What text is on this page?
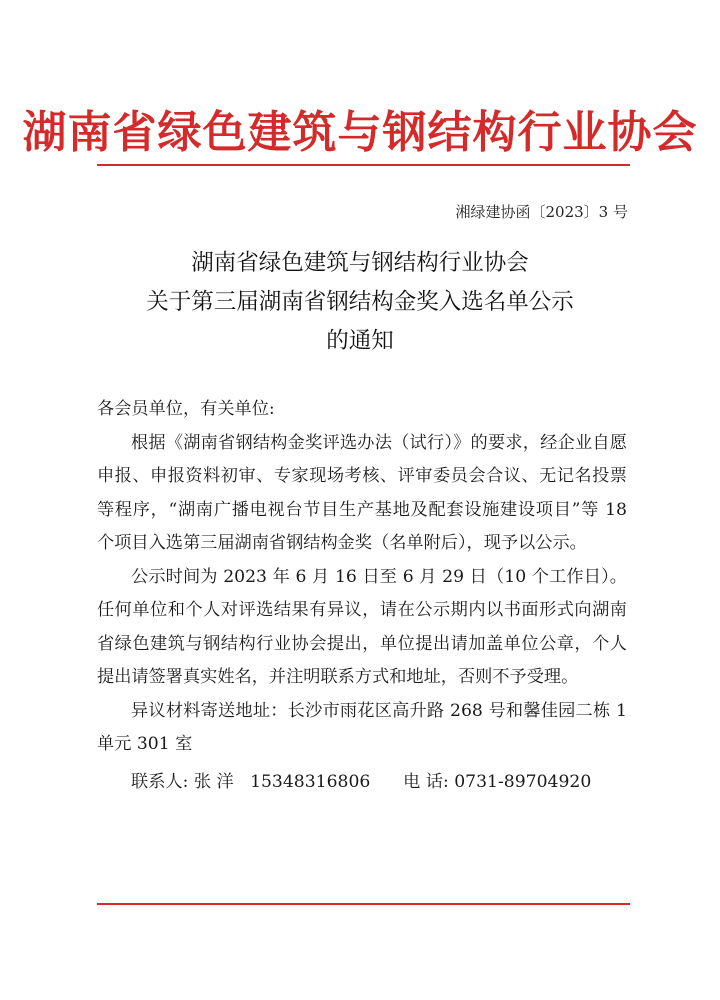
湖南省绿色建筑与钢结构行业协会
湘绿建协函〔2023〕3 号
湖南省绿色建筑与钢结构行业协会
关于第三届湖南省钢结构金奖入选名单公示
的通知

各会员单位，有关单位:

根据《湖南省钢结构金奖评选办法（试行）》的要求，经企业自愿申报、申报资料初审、专家现场考核、评审委员会合议、无记名投票等程序，“湖南广播电视台节目生产基地及配套设施建设项目”等 18 个项目入选第三届湖南省钢结构金奖（名单附后），现予以公示。

公示时间为 2023 年 6 月 16 日至 6 月 29 日（10 个工作日）。任何单位和个人对评选结果有异议，请在公示期内以书面形式向湖南省绿色建筑与钢结构行业协会提出，单位提出请加盖单位公章，个人提出请签署真实姓名，并注明联系方式和地址，否则不予受理。

异议材料寄送地址：长沙市雨花区高升路 268 号和馨佳园二栋 1 单元 301 室

联系人: 张 洋 15348316806 电 话: 0731-89704920
